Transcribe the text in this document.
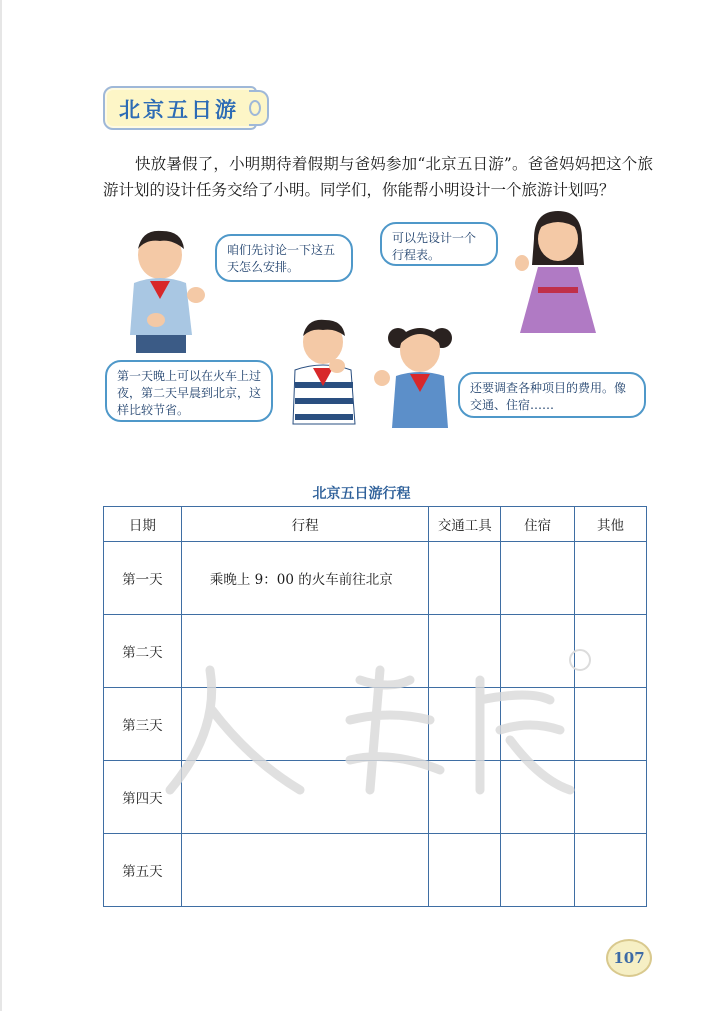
北京五日游

快放暑假了，小明期待着假期与爸妈参加“北京五日游”。爸爸妈妈把这个旅游计划的设计任务交给了小明。同学们，你能帮小明设计一个旅游计划吗？

咱们先讨论一下这五天怎么安排。
可以先设计一个行程表。
第一天晚上可以在火车上过夜，第二天早晨到北京，这样比较节省。
还要调查各种项目的费用。像交通、住宿……
北京五日游行程
日期	行程	交通工具	住宿	其他
第一天	乘晚上 9：00 的火车前往北京			
第二天				
第三天				
第四天				
第五天				
107
